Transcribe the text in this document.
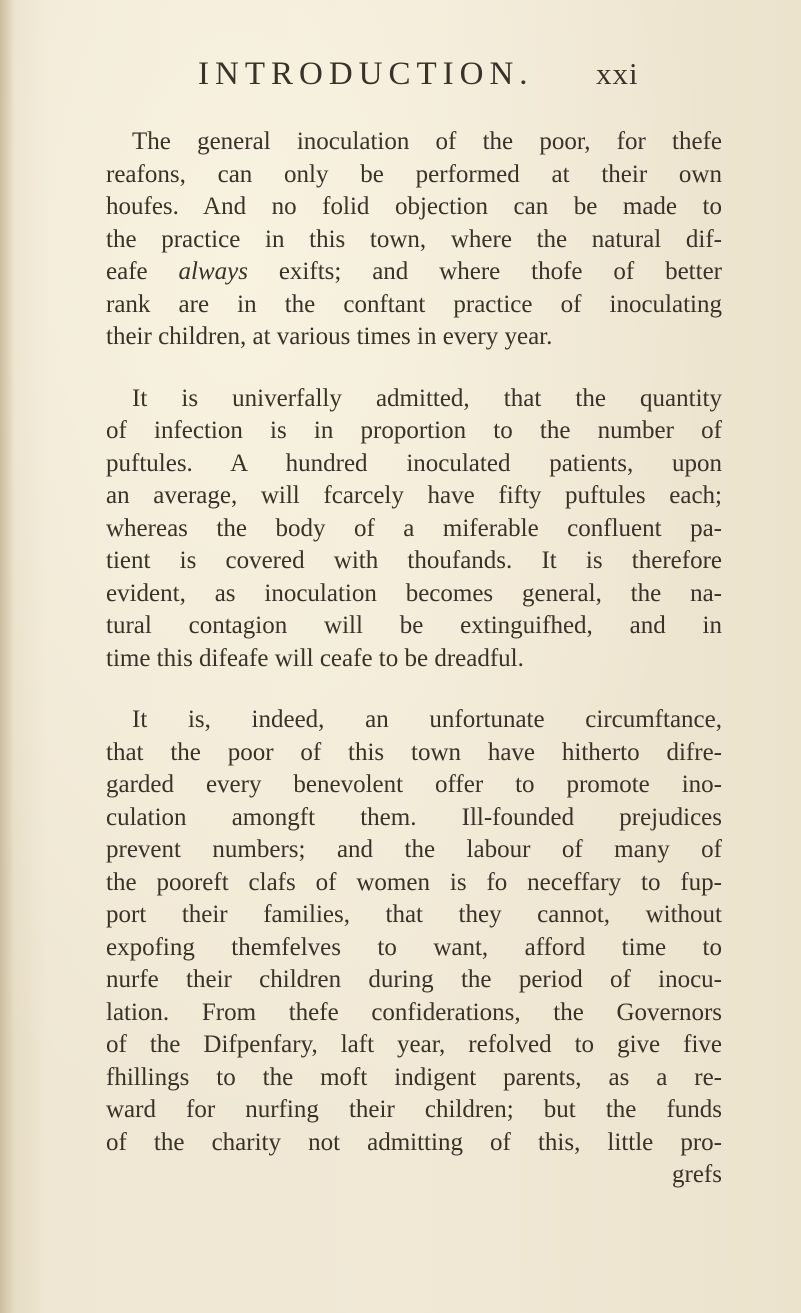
INTRODUCTION. xxi
The general inoculation of the poor, for thefe
reafons, can only be performed at their own
houfes. And no folid objection can be made to
the practice in this town, where the natural dif-
eafe always exifts; and where thofe of better
rank are in the conftant practice of inoculating
their children, at various times in every year.
It is univerfally admitted, that the quantity
of infection is in proportion to the number of
puftules. A hundred inoculated patients, upon
an average, will fcarcely have fifty puftules each;
whereas the body of a miferable confluent pa-
tient is covered with thoufands. It is therefore
evident, as inoculation becomes general, the na-
tural contagion will be extinguifhed, and in
time this difeafe will ceafe to be dreadful.
It is, indeed, an unfortunate circumftance,
that the poor of this town have hitherto difre-
garded every benevolent offer to promote ino-
culation amongft them. Ill-founded prejudices
prevent numbers; and the labour of many of
the pooreft clafs of women is fo neceffary to fup-
port their families, that they cannot, without
expofing themfelves to want, afford time to
nurfe their children during the period of inocu-
lation. From thefe confiderations, the Governors
of the Difpenfary, laft year, refolved to give five
fhillings to the moft indigent parents, as a re-
ward for nurfing their children; but the funds
of the charity not admitting of this, little pro-
grefs
